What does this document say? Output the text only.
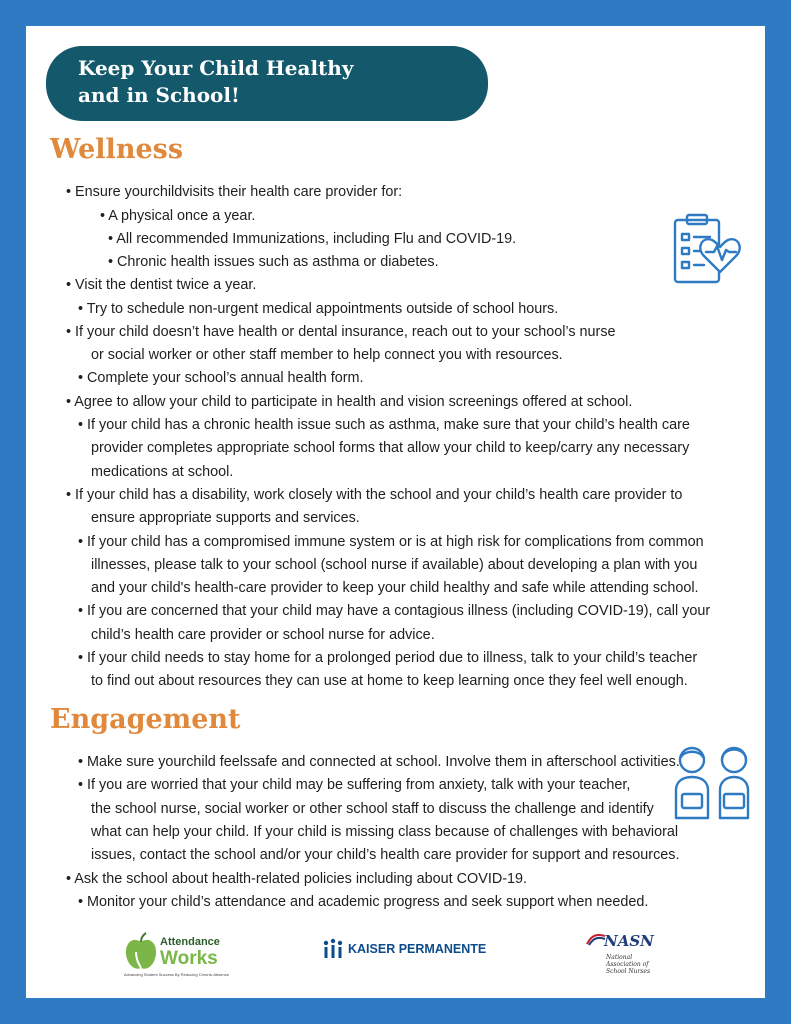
Keep Your Child Healthy
and in School!
Wellness
• Ensure yourchildvisits their health care provider for:
• A physical once a year.
• All recommended Immunizations, including Flu and COVID-19.
• Chronic health issues such as asthma or diabetes.
• Visit the dentist twice a year.
• Try to schedule non-urgent medical appointments outside of school hours.
• If your child doesn’t have health or dental insurance, reach out to your school’s nurse
or social worker or other staff member to help connect you with resources.
• Complete your school’s annual health form.
• Agree to allow your child to participate in health and vision screenings offered at school.
• If your child has a chronic health issue such as asthma, make sure that your child’s health care
provider completes appropriate school forms that allow your child to keep/carry any necessary
medications at school.
• If your child has a disability, work closely with the school and your child’s health care provider to
ensure appropriate supports and services.
• If your child has a compromised immune system or is at high risk for complications from common
illnesses, please talk to your school (school nurse if available) about developing a plan with you
and your child's health-care provider to keep your child healthy and safe while attending school.
• If you are concerned that your child may have a contagious illness (including COVID-19), call your
child’s health care provider or school nurse for advice.
• If your child needs to stay home for a prolonged period due to illness, talk to your child’s teacher
to find out about resources they can use at home to keep learning once they feel well enough.
Engagement
• Make sure yourchild feelssafe and connected at school. Involve them in afterschool activities.
• If you are worried that your child may be suffering from anxiety, talk with your teacher,
the school nurse, social worker or other school staff to discuss the challenge and identify
what can help your child. If your child is missing class because of challenges with behavioral
issues, contact the school and/or your child’s health care provider for support and resources.
• Ask the school about health-related policies including about COVID-19.
• Monitor your child’s attendance and academic progress and seek support when needed.
Attendance
Works
Advancing Student Success By Reducing Chronic Absence
KAISER PERMANENTE	NASN
National
Association of
School Nurses
